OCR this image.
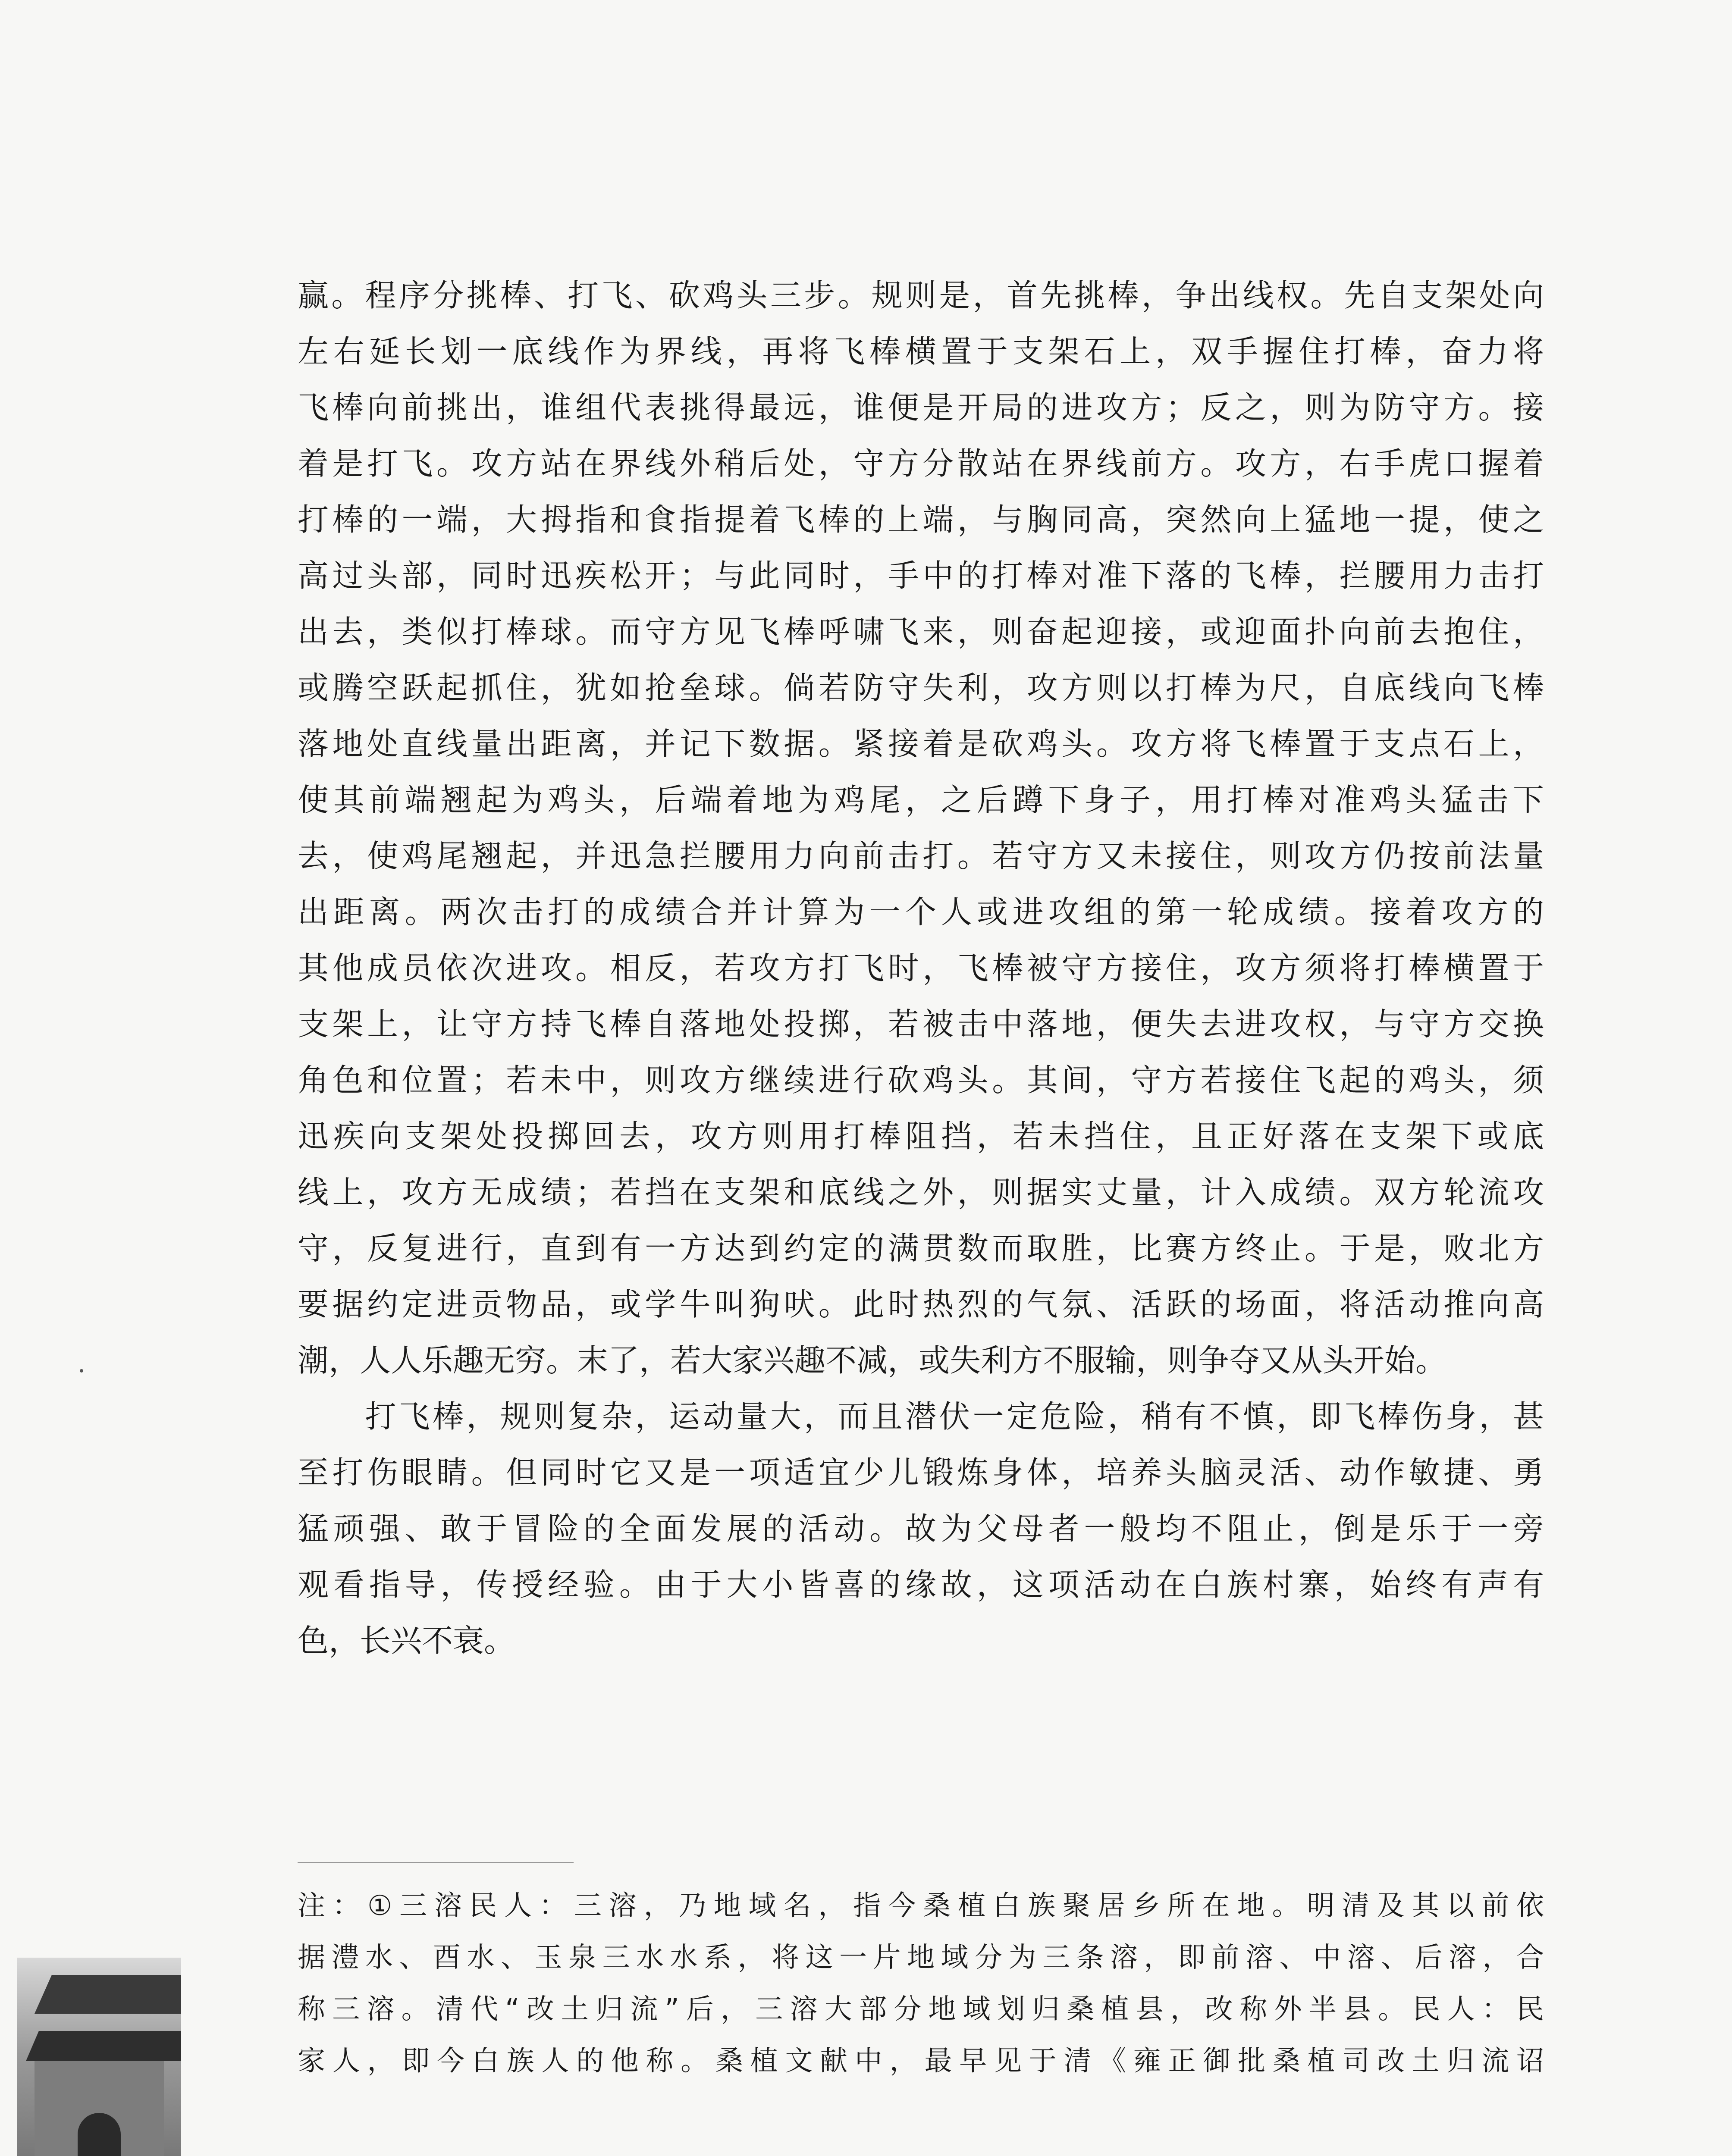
赢。程序分挑棒、打飞、砍鸡头三步。规则是，首先挑棒，争出线权。先自支架处向
左右延长划一底线作为界线，再将飞棒横置于支架石上，双手握住打棒，奋力将
飞棒向前挑出，谁组代表挑得最远，谁便是开局的进攻方；反之，则为防守方。接
着是打飞。攻方站在界线外稍后处，守方分散站在界线前方。攻方，右手虎口握着
打棒的一端，大拇指和食指提着飞棒的上端，与胸同高，突然向上猛地一提，使之
高过头部，同时迅疾松开；与此同时，手中的打棒对准下落的飞棒，拦腰用力击打
出去，类似打棒球。而守方见飞棒呼啸飞来，则奋起迎接，或迎面扑向前去抱住，
或腾空跃起抓住，犹如抢垒球。倘若防守失利，攻方则以打棒为尺，自底线向飞棒
落地处直线量出距离，并记下数据。紧接着是砍鸡头。攻方将飞棒置于支点石上，
使其前端翘起为鸡头，后端着地为鸡尾，之后蹲下身子，用打棒对准鸡头猛击下
去，使鸡尾翘起，并迅急拦腰用力向前击打。若守方又未接住，则攻方仍按前法量
出距离。两次击打的成绩合并计算为一个人或进攻组的第一轮成绩。接着攻方的
其他成员依次进攻。相反，若攻方打飞时，飞棒被守方接住，攻方须将打棒横置于
支架上，让守方持飞棒自落地处投掷，若被击中落地，便失去进攻权，与守方交换
角色和位置；若未中，则攻方继续进行砍鸡头。其间，守方若接住飞起的鸡头，须
迅疾向支架处投掷回去，攻方则用打棒阻挡，若未挡住，且正好落在支架下或底
线上，攻方无成绩；若挡在支架和底线之外，则据实丈量，计入成绩。双方轮流攻
守，反复进行，直到有一方达到约定的满贯数而取胜，比赛方终止。于是，败北方
要据约定进贡物品，或学牛叫狗吠。此时热烈的气氛、活跃的场面，将活动推向高
潮，人人乐趣无穷。末了，若大家兴趣不减，或失利方不服输，则争夺又从头开始。
　　打飞棒，规则复杂，运动量大，而且潜伏一定危险，稍有不慎，即飞棒伤身，甚
至打伤眼睛。但同时它又是一项适宜少儿锻炼身体，培养头脑灵活、动作敏捷、勇
猛顽强、敢于冒险的全面发展的活动。故为父母者一般均不阻止，倒是乐于一旁
观看指导，传授经验。由于大小皆喜的缘故，这项活动在白族村寨，始终有声有
色，长兴不衰。
注：①三溶民人：三溶，乃地域名，指今桑植白族聚居乡所在地。明清及其以前依
据澧水、酉水、玉泉三水水系，将这一片地域分为三条溶，即前溶、中溶、后溶，合
称三溶。清代“改土归流”后，三溶大部分地域划归桑植县，改称外半县。民人：民
家人，即今白族人的他称。桑植文献中，最早见于清《雍正御批桑植司改土归流诏
